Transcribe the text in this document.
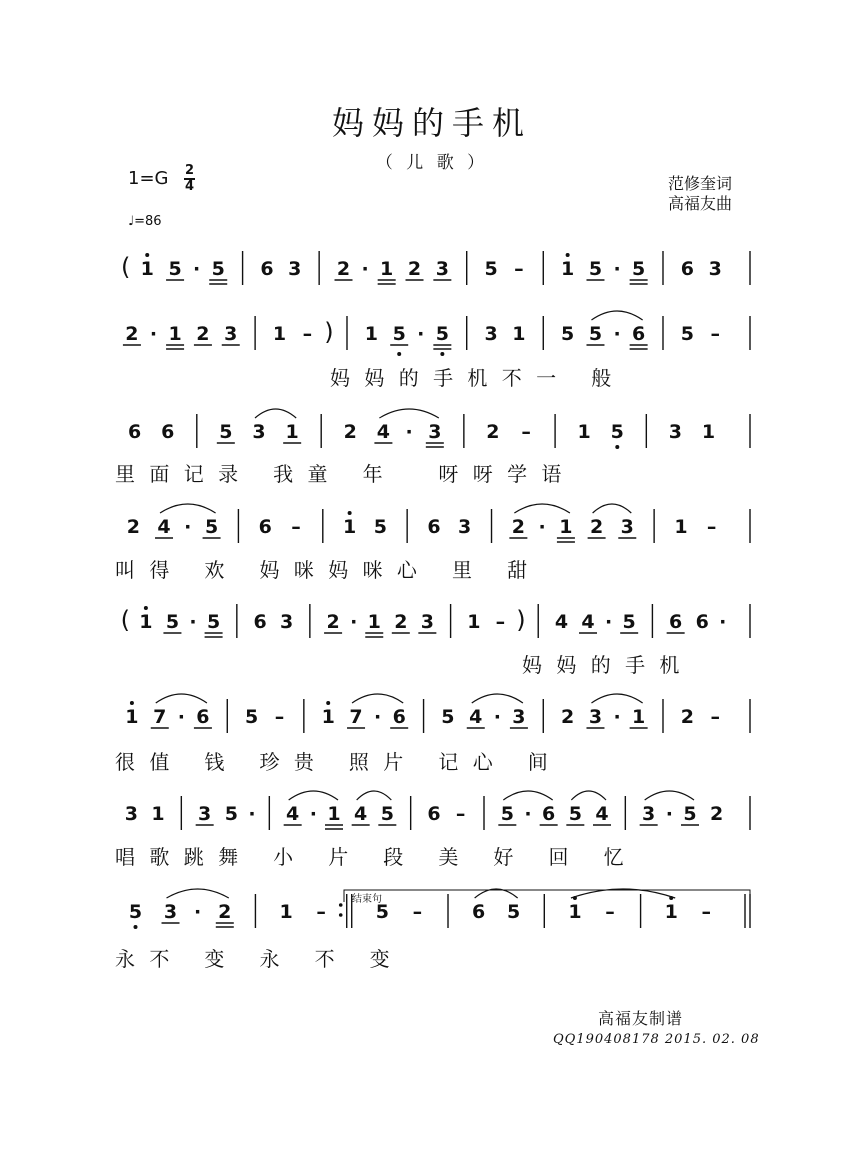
妈妈的手机
（ 儿 歌 ）
1=G 2
4
♩=86
范修奎词
高福友曲
( 1 5 · 5 6 3 2 · 1 2 3 5 – 1 5 · 5 6 3
2 · 1 2 3 1 – ) 1 5 · 5 3 1 5 5 · 6 5 –
妈 妈 的 手 机 不 一   般
6 6 5 3 1 2 4 · 3 2 – 1 5 3 1
里 面 记 录   我 童   年     呀 呀 学 语
2 4 · 5 6 – 1 5 6 3 2 · 1 2 3 1 –
叫 得   欢   妈 咪 妈 咪 心   里   甜
( 1 5 · 5 6 3 2 · 1 2 3 1 – ) 4 4 · 5 6 6 ·
妈 妈 的 手 机
1 7 · 6 5 – 1 7 · 6 5 4 · 3 2 3 · 1 2 –
很 值   钱   珍 贵   照 片   记 心   间
3 1 3 5 · 4 · 1 4 5 6 – 5 · 6 5 4 3 · 5 2
唱 歌 跳 舞   小   片   段   美   好   回   忆
5 3 · 2	1 –	5 –	6 5	1 –	1 –
永 不   变   永   不   变
结束句
高福友制谱
QQ190408178 2015. 02. 08
